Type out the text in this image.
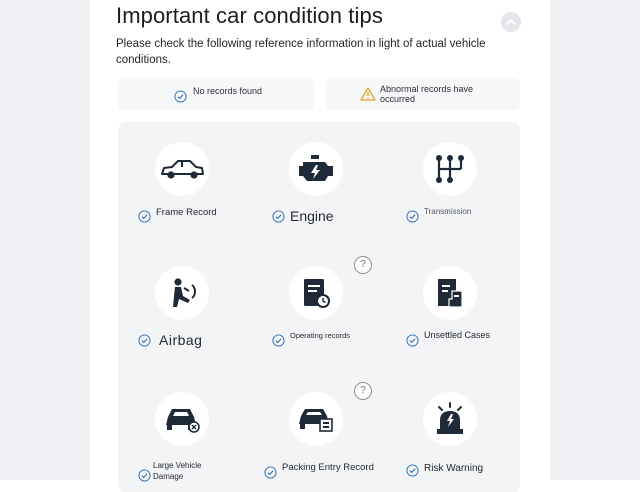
Important car condition tips
Please check the following reference information in light of actual vehicle conditions.
No records found	Abnormal records have occurred
Frame Record	Engine	Transmission
Airbag
?
Operating records	Unsettled Cases
Large Vehicle Damage
?
Packing Entry Record	Risk Warning
